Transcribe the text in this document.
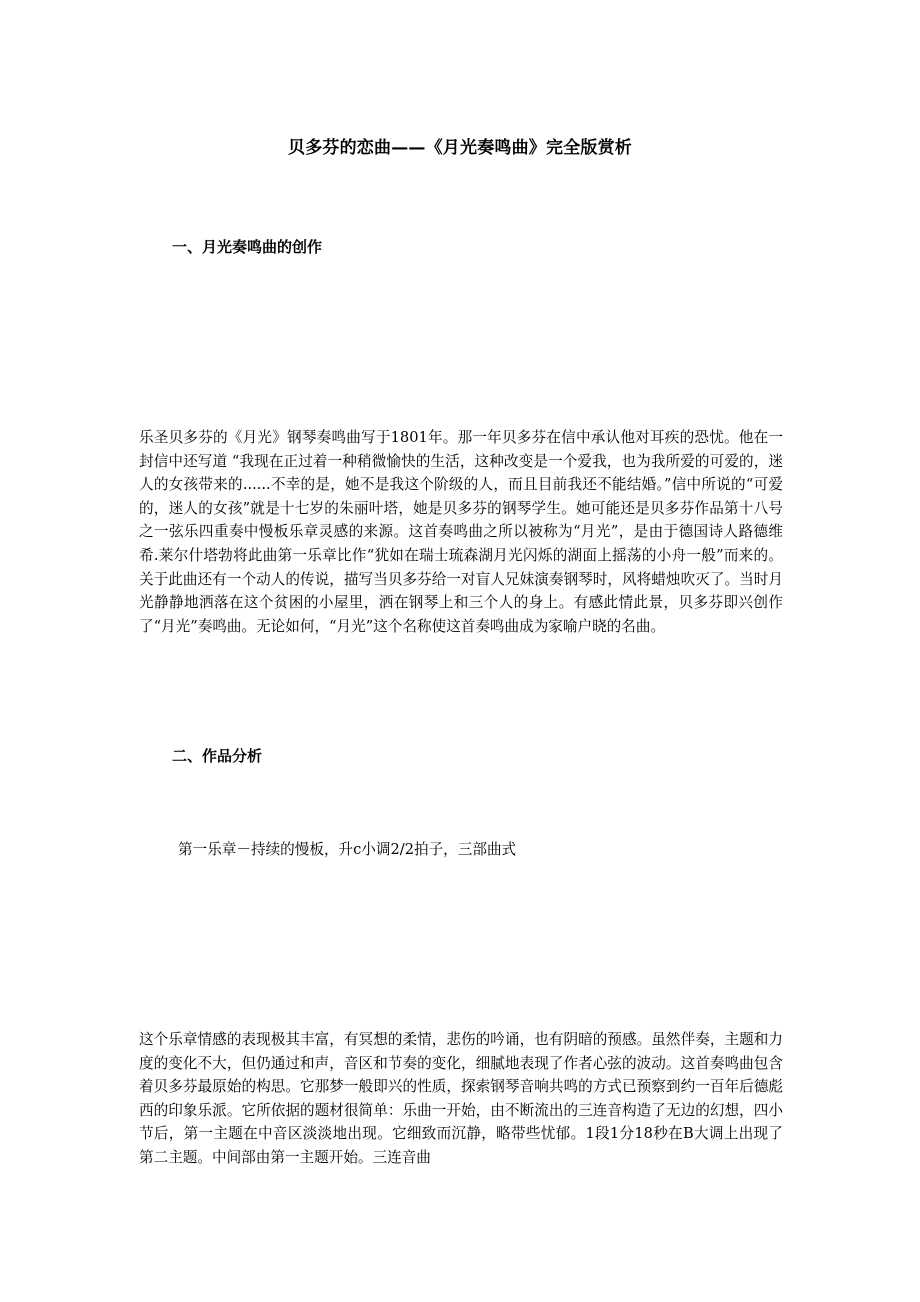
贝多芬的恋曲——《月光奏鸣曲》完全版赏析
一、月光奏鸣曲的创作

乐圣贝多芬的《月光》钢琴奏鸣曲写于1801年。那一年贝多芬在信中承认他对耳疾的恐忧。他在一封信中还写道 “我现在正过着一种稍微愉快的生活，这种改变是一个爱我，也为我所爱的可爱的，迷人的女孩带来的......不幸的是，她不是我这个阶级的人，而且目前我还不能结婚。”信中所说的“可爱的，迷人的女孩”就是十七岁的朱丽叶塔，她是贝多芬的钢琴学生。她可能还是贝多芬作品第十八号之一弦乐四重奏中慢板乐章灵感的来源。这首奏鸣曲之所以被称为“月光”，是由于德国诗人路德维希.莱尔什塔勃将此曲第一乐章比作“犹如在瑞士琉森湖月光闪烁的湖面上摇荡的小舟一般”而来的。关于此曲还有一个动人的传说，描写当贝多芬给一对盲人兄妹演奏钢琴时，风将蜡烛吹灭了。当时月光静静地洒落在这个贫困的小屋里，洒在钢琴上和三个人的身上。有感此情此景，贝多芬即兴创作了“月光”奏鸣曲。无论如何，“月光”这个名称使这首奏鸣曲成为家喻户晓的名曲。

二、作品分析
第一乐章－持续的慢板，升c小调2/2拍子，三部曲式

这个乐章情感的表现极其丰富，有冥想的柔情，悲伤的吟诵，也有阴暗的预感。虽然伴奏，主题和力度的变化不大，但仍通过和声，音区和节奏的变化，细腻地表现了作者心弦的波动。这首奏鸣曲包含着贝多芬最原始的构思。它那梦一般即兴的性质，探索钢琴音响共鸣的方式已预察到约一百年后德彪西的印象乐派。它所依据的题材很简单：乐曲一开始，由不断流出的三连音构造了无边的幻想，四小节后，第一主题在中音区淡淡地出现。它细致而沉静，略带些忧郁。1段1分18秒在B大调上出现了第二主题。中间部由第一主题开始。三连音曲
